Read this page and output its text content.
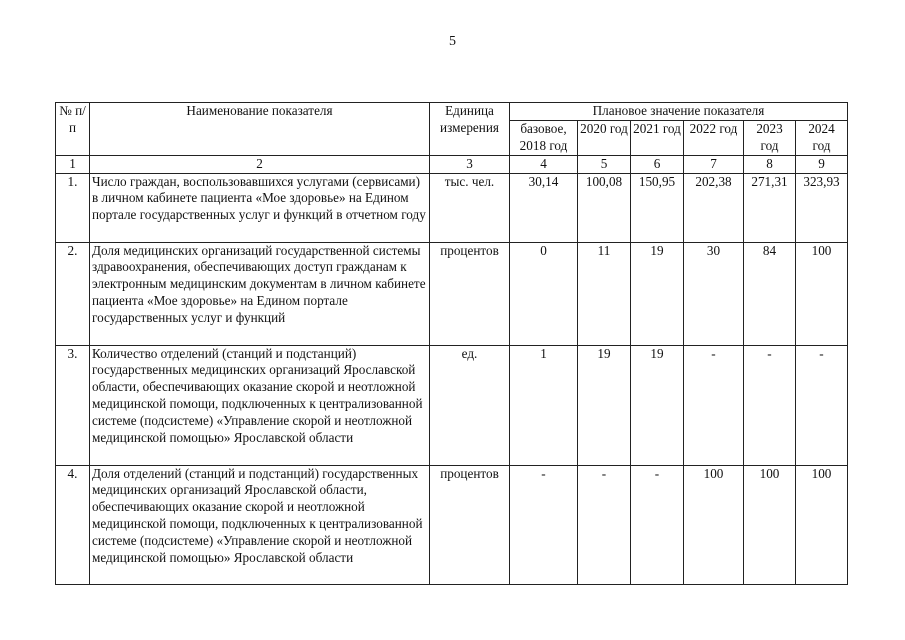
5
№ п/п	Наименование показателя	Единица измерения	Плановое значение показателя					
			базовое, 2018 год	2020 год	2021 год	2022 год	2023 год	2024 год
1	2	3	4	5	6	7	8	9
1.	Число граждан, воспользовавшихся услугами (сервисами) в личном кабинете пациента «Мое здоровье» на Едином портале государственных услуг и функций в отчетном году	тыс. чел.	30,14	100,08	150,95	202,38	271,31	323,93
2.	Доля медицинских организаций государственной системы здравоохранения, обеспечивающих доступ гражданам к электронным медицинским документам в личном кабинете пациента «Мое здоровье» на Едином портале государственных услуг и функций	процентов	0	11	19	30	84	100
3.	Количество отделений (станций и подстанций) государственных медицинских организаций Ярославской области, обеспечивающих оказание скорой и неотложной медицинской помощи, подключенных к централизованной системе (подсистеме) «Управление скорой и неотложной медицинской помощью» Ярославской области	ед.	1	19	19	-	-	-
4.	Доля отделений (станций и подстанций) государственных медицинских организаций Ярославской области, обеспечивающих оказание скорой и неотложной медицинской помощи, подключенных к централизованной системе (подсистеме) «Управление скорой и неотложной медицинской помощью» Ярославской области	процентов	-	-	-	100	100	100
